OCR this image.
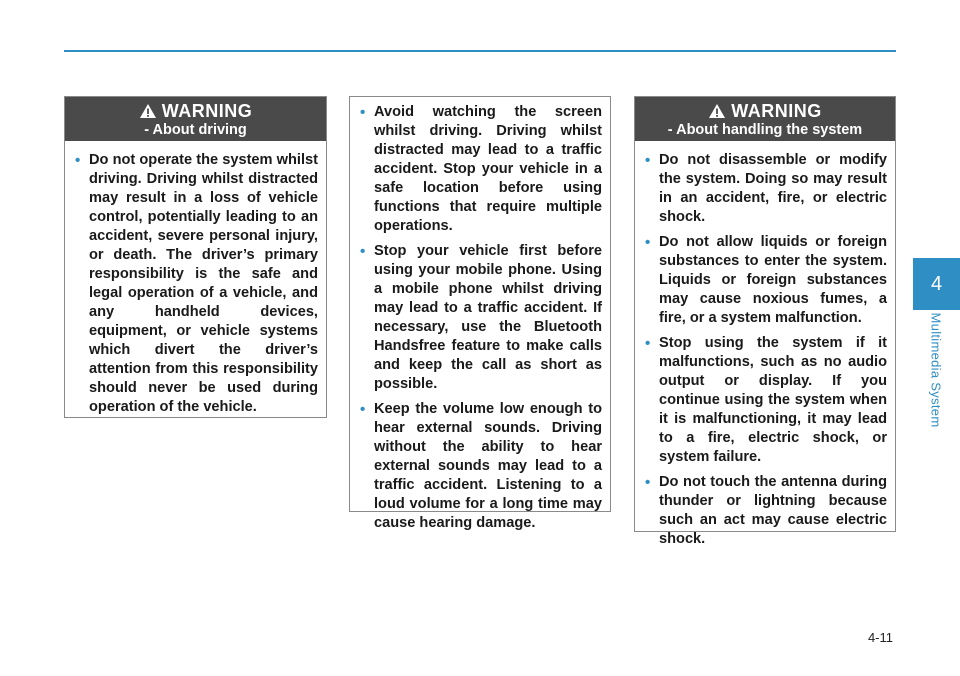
WARNING
- About driving
• Do not operate the system whilst driving. Driving whilst distracted may result in a loss of vehicle control, potentially leading to an accident, severe personal injury, or death. The driver’s primary responsibility is the safe and legal operation of a vehicle, and any handheld devices, equipment, or vehicle systems which divert the driver’s attention from this responsibility should never be used during operation of the vehicle.
• Avoid watching the screen whilst driving. Driving whilst distracted may lead to a traffic accident. Stop your vehicle in a safe location before using functions that require multiple operations.
• Stop your vehicle first before using your mobile phone. Using a mobile phone whilst driving may lead to a traffic accident. If necessary, use the Bluetooth Handsfree feature to make calls and keep the call as short as possible.
• Keep the volume low enough to hear external sounds. Driving without the ability to hear external sounds may lead to a traffic accident. Listening to a loud volume for a long time may cause hearing damage.
WARNING
- About handling the system
• Do not disassemble or modify the system. Doing so may result in an accident, fire, or electric shock.
• Do not allow liquids or foreign substances to enter the system. Liquids or foreign substances may cause noxious fumes, a fire, or a system malfunction.
• Stop using the system if it malfunctions, such as no audio output or display. If you continue using the system when it is malfunctioning, it may lead to a fire, electric shock, or system failure.
• Do not touch the antenna during thunder or lightning because such an act may cause electric shock.
4
Multimedia System
4-11
